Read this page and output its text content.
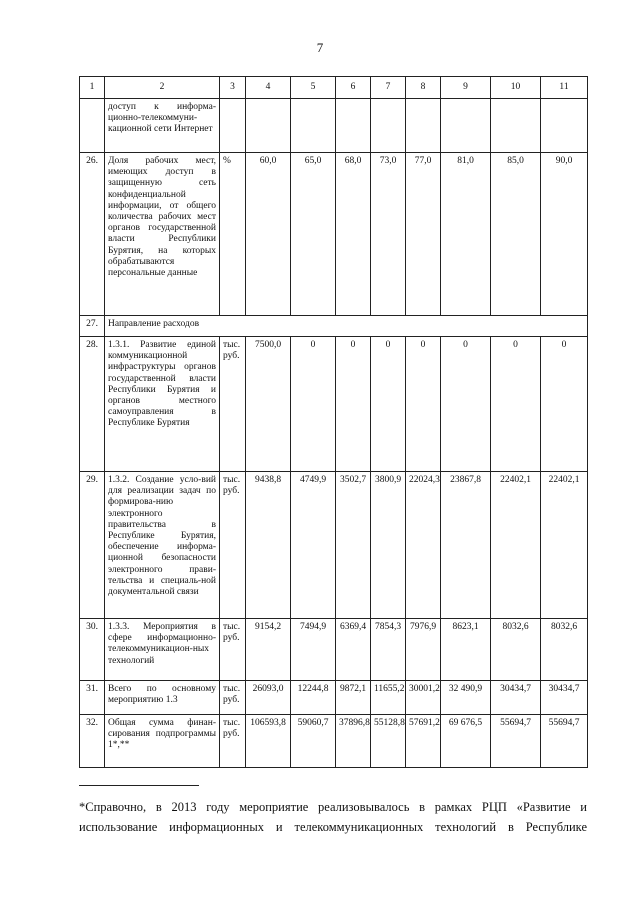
7
1	2	3	4	5	6	7	8	9	10	11
	доступ к информа-ционно-телекоммуни-кационной сети Интернет									
26.	Доля рабочих мест, имеющих доступ в защищенную сеть конфиденциальной информации, от общего количества рабочих мест органов государственной власти Республики Бурятия, на которых обрабатываются персональные данные	%	60,0	65,0	68,0	73,0	77,0	81,0	85,0	90,0
27.	Направление расходов									
28.	1.3.1. Развитие единой коммуникационной инфраструктуры органов государственной власти Республики Бурятия и органов местного самоуправления в Республике Бурятия	тыс. руб.	7500,0	0	0	0	0	0	0	0
29.	1.3.2. Создание усло-вий для реализации задач по формирова-нию электронного правительства в Республике Бурятия, обеспечение информа-ционной безопасности электронного прави-тельства и специаль-ной документальной связи	тыс. руб.	9438,8	4749,9	3502,7	3800,9	22024,3	23867,8	22402,1	22402,1
30.	1.3.3. Мероприятия в сфере информационно-телекоммуникацион-ных технологий	тыс. руб.	9154,2	7494,9	6369,4	7854,3	7976,9	8623,1	8032,6	8032,6
31.	Всего по основному мероприятию 1.3	тыс. руб.	26093,0	12244,8	9872,1	11655,2	30001,2	32 490,9	30434,7	30434,7
32.	Общая сумма финан-сирования подпрограммы 1*,**	тыс. руб.	106593,8	59060,7	37896,8	55128,8	57691,2	69 676,5	55694,7	55694,7
*Справочно, в 2013 году мероприятие реализовывалось в рамках РЦП «Развитие и использование информационных и телекоммуникационных технологий в Республике
